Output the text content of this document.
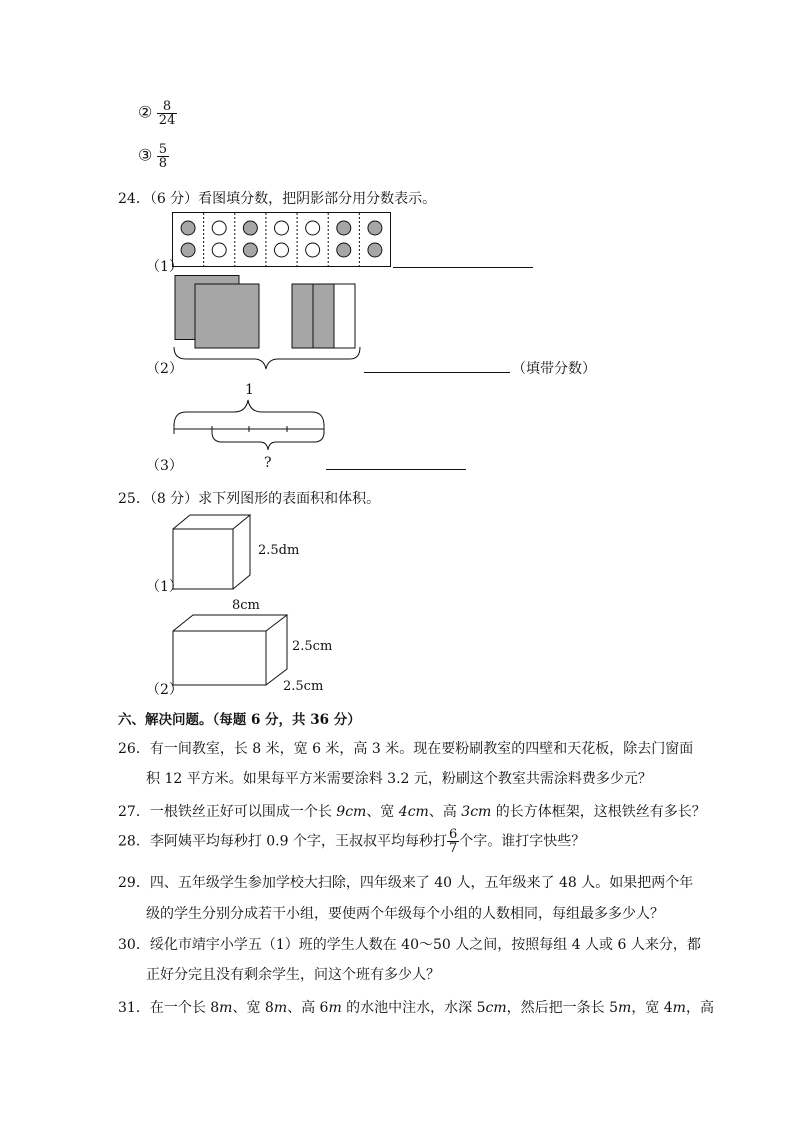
② $\frac{8}{24}$
③ $\frac{5}{8}$
24．（6 分）看图填分数，把阴影部分用分数表示。
（1）
（2）	（填带分数）
1
?
（3）
25．（8 分）求下列图形的表面积和体积。
2.5dm
（1）
8cm
2.5cm
2.5cm
（2）
六、解决问题。（每题 6 分，共 36 分）
26．有一间教室，长 8 米，宽 6 米，高 3 米。现在要粉刷教室的四壁和天花板，除去门窗面
积 12 平方米。如果每平方米需要涂料 3.2 元，粉刷这个教室共需涂料费多少元？
27．一根铁丝正好可以围成一个长 9cm、宽 4cm、高 3cm 的长方体框架，这根铁丝有多长？
28．李阿姨平均每秒打 0.9 个字，王叔叔平均每秒打 $\frac{6}{7}$ 个字。谁打字快些？
29．四、五年级学生参加学校大扫除，四年级来了 40 人，五年级来了 48 人。如果把两个年
级的学生分别分成若干小组，要使两个年级每个小组的人数相同，每组最多多少人？
30．绥化市靖宇小学五（1）班的学生人数在 40～50 人之间，按照每组 4 人或 6 人来分，都
正好分完且没有剩余学生，问这个班有多少人？
31．在一个长 8m、宽 8m、高 6m 的水池中注水，水深 5cm，然后把一条长 5m，宽 4m，高
